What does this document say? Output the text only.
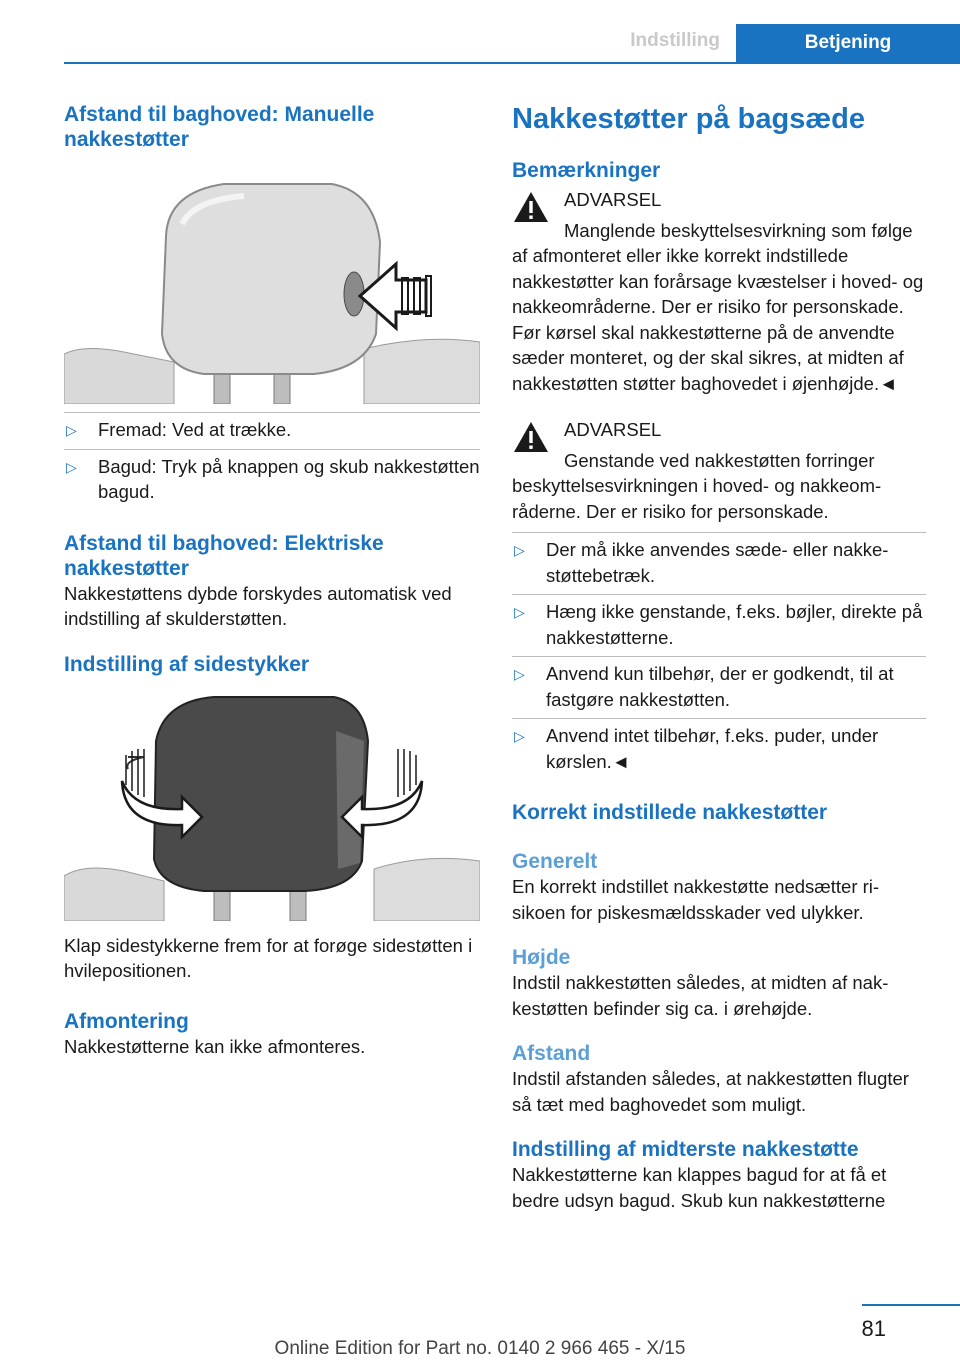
Indstilling	Betjening
Afstand til baghoved: Manuelle nakkestøtter
▷ Fremad: Ved at trække.
▷ Bagud: Tryk på knappen og skub nakkestøtten bagud.
Afstand til baghoved: Elektriske nakkestøtter

Nakkestøttens dybde forskydes automatisk ved indstilling af skulderstøtten.

Indstilling af sidestykker

Klap sidestykkerne frem for at forøge sidestøtten i hvilepositionen.

Afmontering

Nakkestøtterne kan ikke afmonteres.

Nakkestøtter på bagsæde
Bemærkninger
ADVARSEL

Manglende beskyttelsesvirkning som følge af afmonteret eller ikke korrekt indstillede nakkestøtter kan forårsage kvæstelser i hoved- og nakkeområderne. Der er risiko for personskade. Før kørsel skal nakkestøtterne på de anvendte sæder monteret, og der skal sikres, at midten af nakkestøtten støtter baghovedet i øjenhøjde.◄

ADVARSEL

Genstande ved nakkestøtten forringer beskyttelsesvirkningen i hoved- og nakkeområderne. Der er risiko for personskade.

▷ Der må ikke anvendes sæde- eller nakkestøttebetræk.
▷ Hæng ikke genstande, f.eks. bøjler, direkte på nakkestøtterne.
▷ Anvend kun tilbehør, der er godkendt, til at fastgøre nakkestøtten.
▷ Anvend intet tilbehør, f.eks. puder, under kørslen.◄
Korrekt indstillede nakkestøtter
Generelt

En korrekt indstillet nakkestøtte nedsætter risikoen for piskesmældsskader ved ulykker.

Højde

Indstil nakkestøtten således, at midten af nakkestøtten befinder sig ca. i ørehøjde.

Afstand

Indstil afstanden således, at nakkestøtten flugter så tæt med baghovedet som muligt.

Indstilling af midterste nakkestøtte

Nakkestøtterne kan klappes bagud for at få et bedre udsyn bagud. Skub kun nakkestøtterne

81
Online Edition for Part no. 0140 2 966 465 - X/15
